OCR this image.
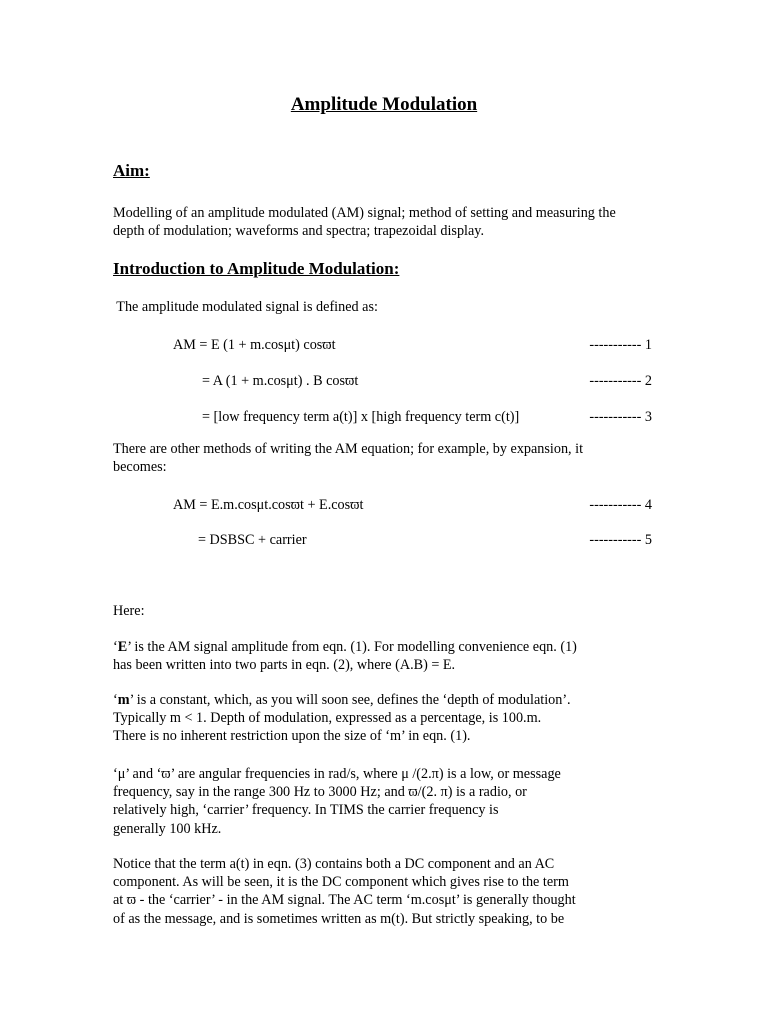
Amplitude Modulation
Aim:
Modelling of an amplitude modulated (AM) signal; method of setting and measuring the
depth of modulation; waveforms and spectra; trapezoidal display.
Introduction to Amplitude Modulation:
The amplitude modulated signal is defined as:
AM = E (1 + m.cosμt) cosϖt	----------- 1
= A (1 + m.cosμt) . B cosϖt	----------- 2
= [low frequency term a(t)] x [high frequency term c(t)]	----------- 3
There are other methods of writing the AM equation; for example, by expansion, it
becomes:
AM = E.m.cosμt.cosϖt + E.cosϖt	----------- 4
= DSBSC + carrier	----------- 5
Here:
‘E’ is the AM signal amplitude from eqn. (1). For modelling convenience eqn. (1)
has been written into two parts in eqn. (2), where (A.B) = E.
‘m’ is a constant, which, as you will soon see, defines the ‘depth of modulation’.
Typically m < 1. Depth of modulation, expressed as a percentage, is 100.m.
There is no inherent restriction upon the size of ‘m’ in eqn. (1).
‘μ’ and ‘ϖ’ are angular frequencies in rad/s, where μ /(2.π) is a low, or message
frequency, say in the range 300 Hz to 3000 Hz; and ϖ/(2. π) is a radio, or
relatively high, ‘carrier’ frequency. In TIMS the carrier frequency is
generally 100 kHz.
Notice that the term a(t) in eqn. (3) contains both a DC component and an AC
component. As will be seen, it is the DC component which gives rise to the term
at ϖ - the ‘carrier’ - in the AM signal. The AC term ‘m.cosμt’ is generally thought
of as the message, and is sometimes written as m(t). But strictly speaking, to be
